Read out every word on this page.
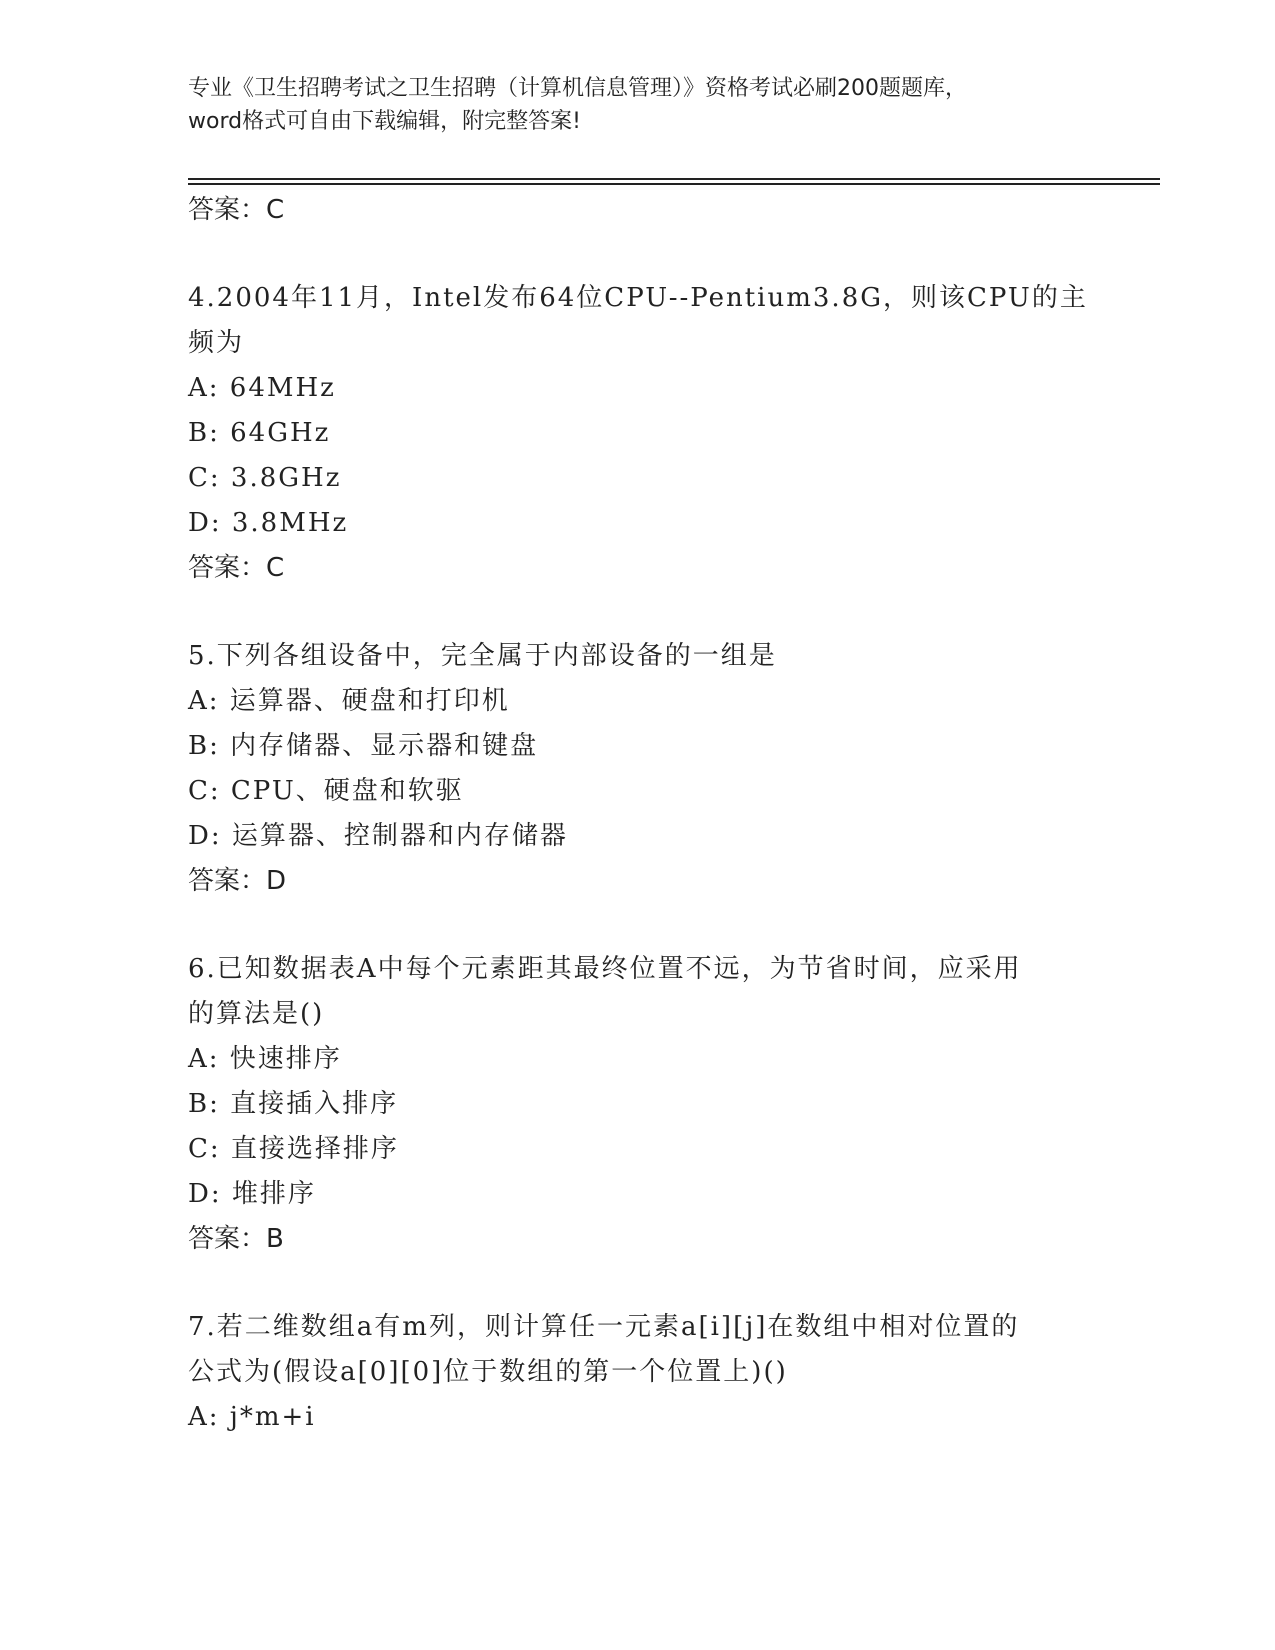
专业《卫生招聘考试之卫生招聘（计算机信息管理）》资格考试必刷200题题库，
word格式可自由下载编辑，附完整答案!
答案：C
4.2004年11月，Intel发布64位CPU--Pentium3.8G，则该CPU的主
频为
A: 64MHz
B: 64GHz
C: 3.8GHz
D: 3.8MHz
答案：C
5.下列各组设备中，完全属于内部设备的一组是
A: 运算器、硬盘和打印机
B: 内存储器、显示器和键盘
C: CPU、硬盘和软驱
D: 运算器、控制器和内存储器
答案：D
6.已知数据表A中每个元素距其最终位置不远，为节省时间，应采用
的算法是()
A: 快速排序
B: 直接插入排序
C: 直接选择排序
D: 堆排序
答案：B
7.若二维数组a有m列，则计算任一元素a[i][j]在数组中相对位置的
公式为(假设a[0][0]位于数组的第一个位置上)()
A: j*m+i
